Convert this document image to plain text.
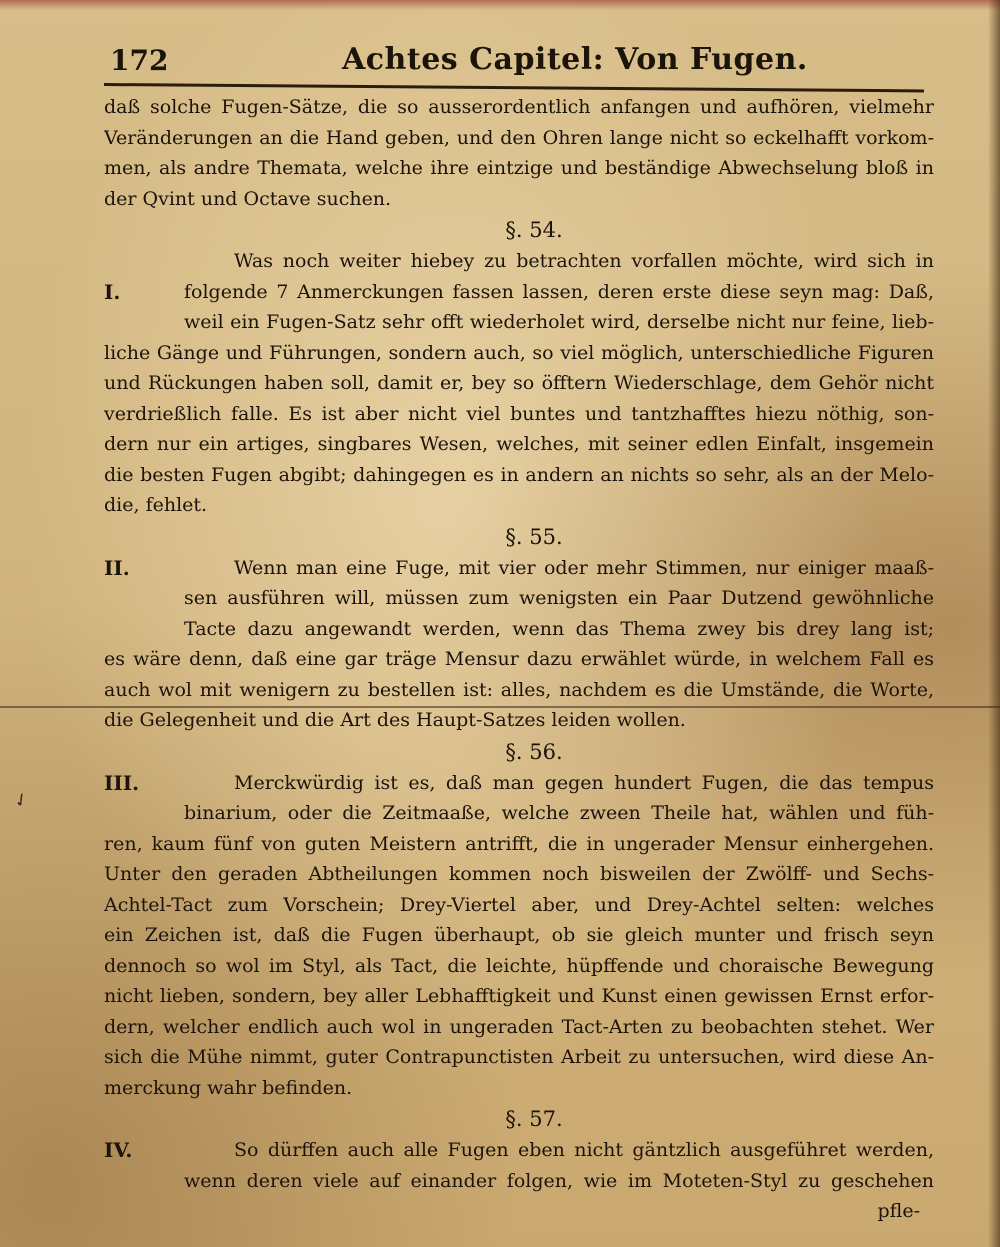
172	Achtes Capitel: Von Fugen.
✓
daß solche Fugen-Sätze, die so ausserordentlich anfangen und aufhören, vielmehr
Veränderungen an die Hand geben, und den Ohren lange nicht so eckelhafft vorkom-
men, als andre Themata, welche ihre eintzige und beständige Abwechselung bloß in
der Qvint und Octave suchen.
§. 54.
Was noch weiter hiebey zu betrachten vorfallen möchte, wird sich in
I.	folgende 7 Anmerckungen fassen lassen, deren erste diese seyn mag: Daß,
weil ein Fugen-Satz sehr offt wiederholet wird, derselbe nicht nur feine, lieb-
liche Gänge und Führungen, sondern auch, so viel möglich, unterschiedliche Figuren
und Rückungen haben soll, damit er, bey so öfftern Wiederschlage, dem Gehör nicht
verdrießlich falle. Es ist aber nicht viel buntes und tantzhafftes hiezu nöthig, son-
dern nur ein artiges, singbares Wesen, welches, mit seiner edlen Einfalt, insgemein
die besten Fugen abgibt; dahingegen es in andern an nichts so sehr, als an der Melo-
die, fehlet.
§. 55.
II.	Wenn man eine Fuge, mit vier oder mehr Stimmen, nur einiger maaß-
sen ausführen will, müssen zum wenigsten ein Paar Dutzend gewöhnliche
Tacte dazu angewandt werden, wenn das Thema zwey bis drey lang ist;
es wäre denn, daß eine gar träge Mensur dazu erwählet würde, in welchem Fall es
auch wol mit wenigern zu bestellen ist: alles, nachdem es die Umstände, die Worte,
die Gelegenheit und die Art des Haupt-Satzes leiden wollen.
§. 56.
III.	Merckwürdig ist es, daß man gegen hundert Fugen, die das tempus
binarium, oder die Zeitmaaße, welche zween Theile hat, wählen und füh-
ren, kaum fünf von guten Meistern antrifft, die in ungerader Mensur einhergehen.
Unter den geraden Abtheilungen kommen noch bisweilen der Zwölff- und Sechs-
Achtel-Tact zum Vorschein; Drey-Viertel aber, und Drey-Achtel selten: welches
ein Zeichen ist, daß die Fugen überhaupt, ob sie gleich munter und frisch seyn
dennoch so wol im Styl, als Tact, die leichte, hüpffende und choraische Bewegung
nicht lieben, sondern, bey aller Lebhafftigkeit und Kunst einen gewissen Ernst erfor-
dern, welcher endlich auch wol in ungeraden Tact-Arten zu beobachten stehet. Wer
sich die Mühe nimmt, guter Contrapunctisten Arbeit zu untersuchen, wird diese An-
merckung wahr befinden.
§. 57.
IV.	So dürffen auch alle Fugen eben nicht gäntzlich ausgeführet werden,
wenn deren viele auf einander folgen, wie im Moteten-Styl zu geschehen
pfle-
